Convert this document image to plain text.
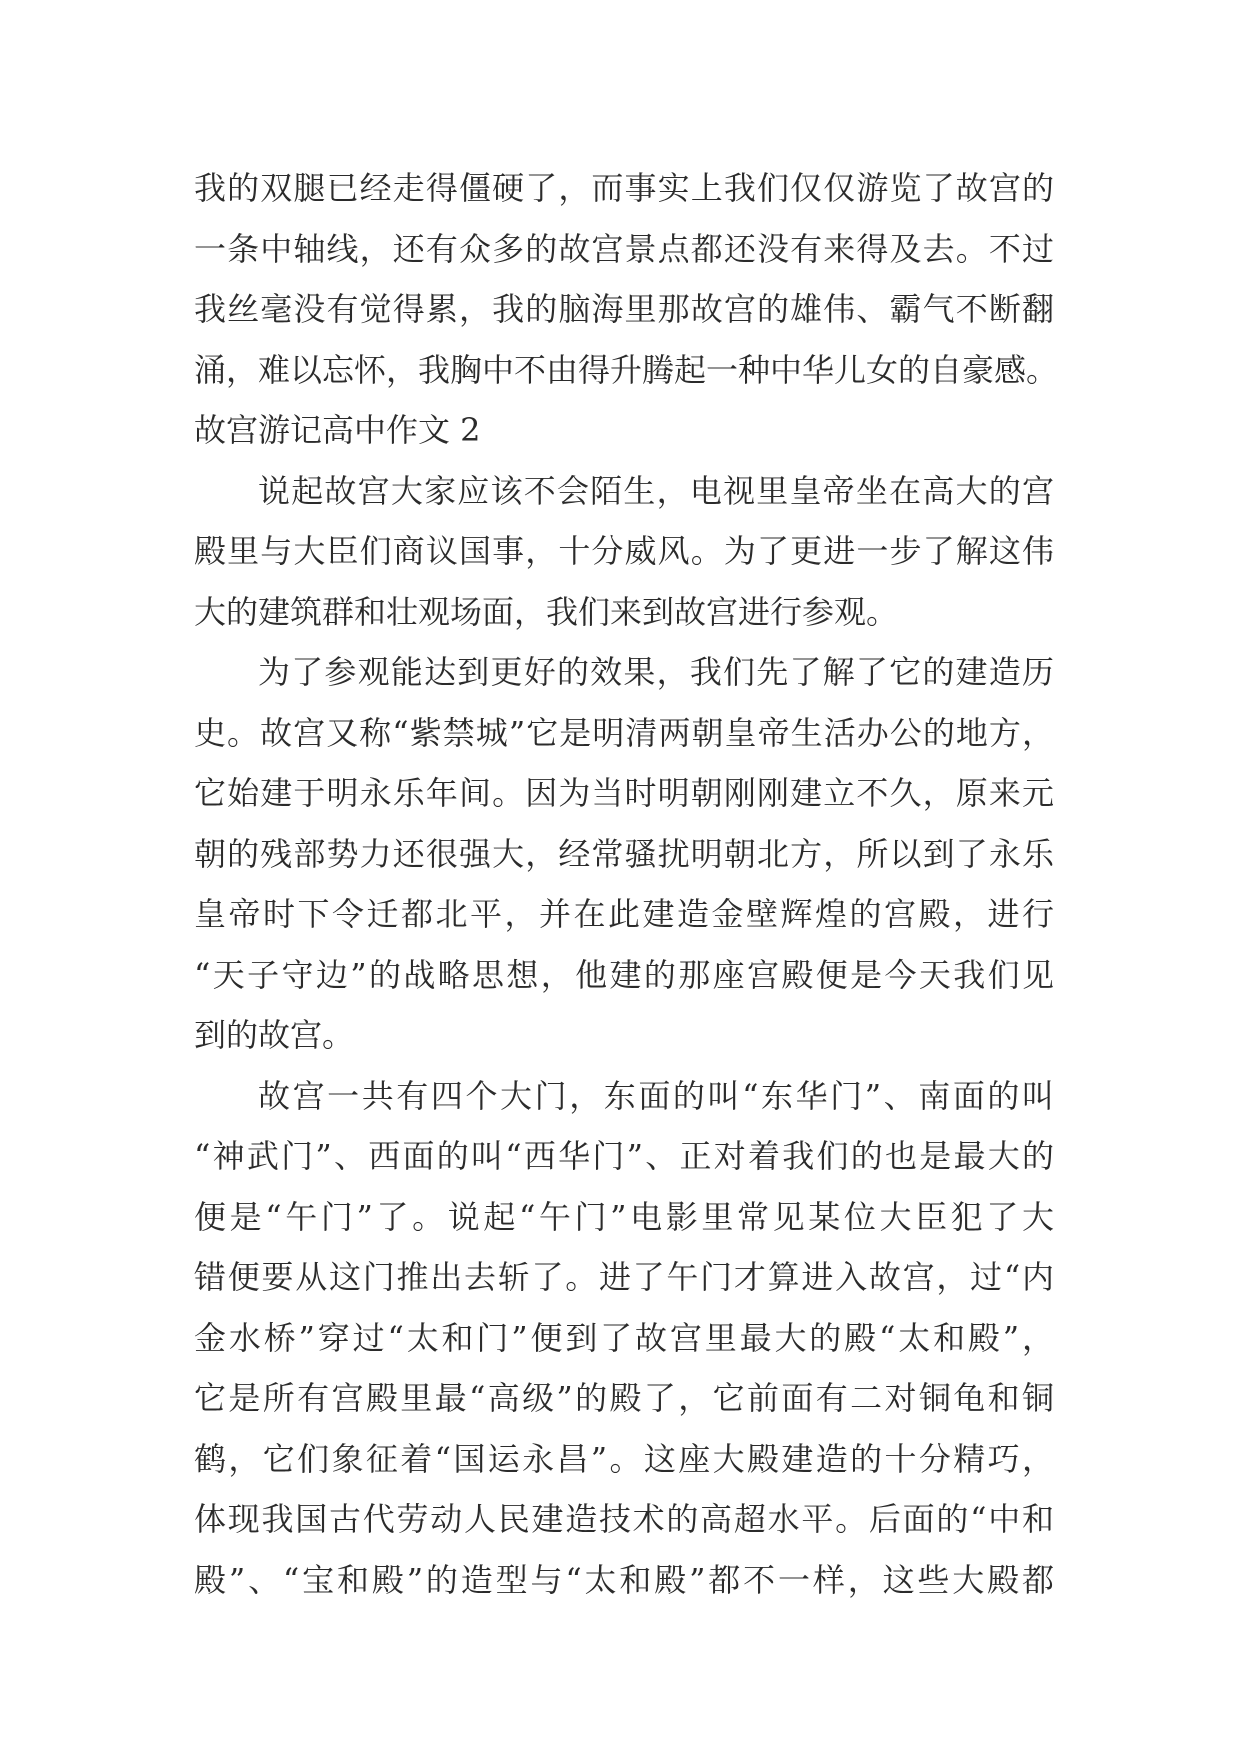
我的双腿已经走得僵硬了，而事实上我们仅仅游览了故宫的
一条中轴线，还有众多的故宫景点都还没有来得及去。不过
我丝毫没有觉得累，我的脑海里那故宫的雄伟、霸气不断翻
涌，难以忘怀，我胸中不由得升腾起一种中华儿女的自豪感。
故宫游记高中作文 2
说起故宫大家应该不会陌生，电视里皇帝坐在高大的宫
殿里与大臣们商议国事，十分威风。为了更进一步了解这伟
大的建筑群和壮观场面，我们来到故宫进行参观。
为了参观能达到更好的效果，我们先了解了它的建造历
史。故宫又称“紫禁城”它是明清两朝皇帝生活办公的地方，
它始建于明永乐年间。因为当时明朝刚刚建立不久，原来元
朝的残部势力还很强大，经常骚扰明朝北方，所以到了永乐
皇帝时下令迁都北平，并在此建造金壁辉煌的宫殿，进行
“天子守边”的战略思想，他建的那座宫殿便是今天我们见
到的故宫。
故宫一共有四个大门，东面的叫“东华门”、南面的叫
“神武门”、西面的叫“西华门”、正对着我们的也是最大的
便是“午门”了。说起“午门”电影里常见某位大臣犯了大
错便要从这门推出去斩了。进了午门才算进入故宫，过“内
金水桥”穿过“太和门”便到了故宫里最大的殿“太和殿”，
它是所有宫殿里最“高级”的殿了，它前面有二对铜龟和铜
鹤，它们象征着“国运永昌”。这座大殿建造的十分精巧，
体现我国古代劳动人民建造技术的高超水平。后面的“中和
殿”、“宝和殿”的造型与“太和殿”都不一样，这些大殿都
